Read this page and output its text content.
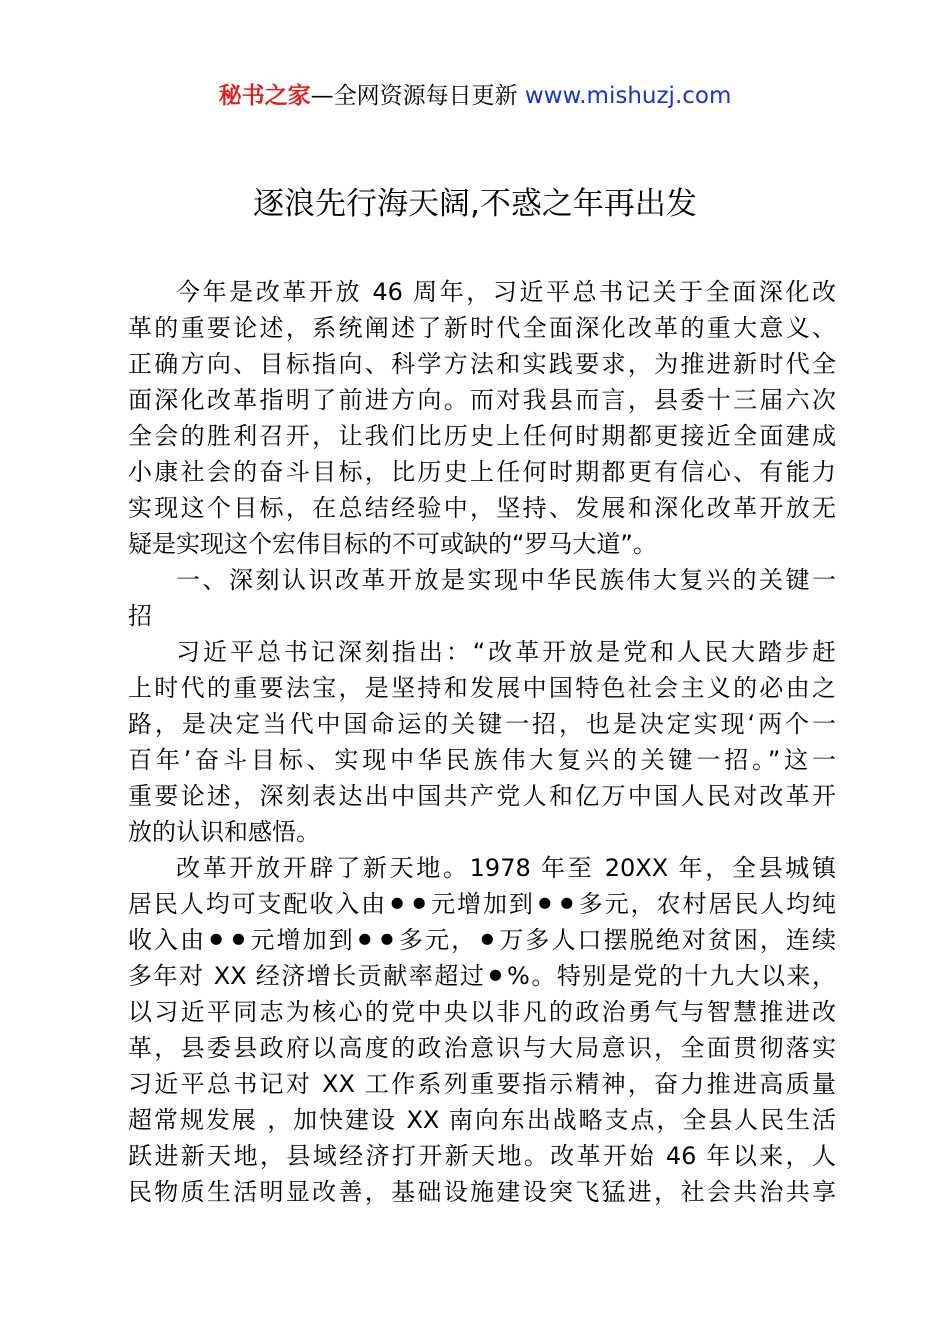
秘书之家—全网资源每日更新 www.mishuzj.com
逐浪先行海天阔,不惑之年再出发
今年是改革开放 46 周年，习近平总书记关于全面深化改
革的重要论述，系统阐述了新时代全面深化改革的重大意义、
正确方向、目标指向、科学方法和实践要求，为推进新时代全
面深化改革指明了前进方向。而对我县而言，县委十三届六次
全会的胜利召开，让我们比历史上任何时期都更接近全面建成
小康社会的奋斗目标，比历史上任何时期都更有信心、有能力
实现这个目标，在总结经验中，坚持、发展和深化改革开放无
疑是实现这个宏伟目标的不可或缺的“罗马大道”。
一、深刻认识改革开放是实现中华民族伟大复兴的关键一
招
习近平总书记深刻指出：“改革开放是党和人民大踏步赶
上时代的重要法宝，是坚持和发展中国特色社会主义的必由之
路，是决定当代中国命运的关键一招，也是决定实现‘两个一
百年’奋斗目标、实现中华民族伟大复兴的关键一招。”这一
重要论述，深刻表达出中国共产党人和亿万中国人民对改革开
放的认识和感悟。
改革开放开辟了新天地。1978 年至 20XX 年，全县城镇
居民人均可支配收入由⚫⚫元增加到⚫⚫多元，农村居民人均纯
收入由⚫⚫元增加到⚫⚫多元，⚫万多人口摆脱绝对贫困，连续
多年对 XX 经济增长贡献率超过⚫%。特别是党的十九大以来，
以习近平同志为核心的党中央以非凡的政治勇气与智慧推进改
革，县委县政府以高度的政治意识与大局意识，全面贯彻落实
习近平总书记对 XX 工作系列重要指示精神，奋力推进高质量
超常规发展 ，加快建设 XX 南向东出战略支点，全县人民生活
跃进新天地，县域经济打开新天地。改革开始 46 年以来，人
民物质生活明显改善，基础设施建设突飞猛进，社会共治共享
